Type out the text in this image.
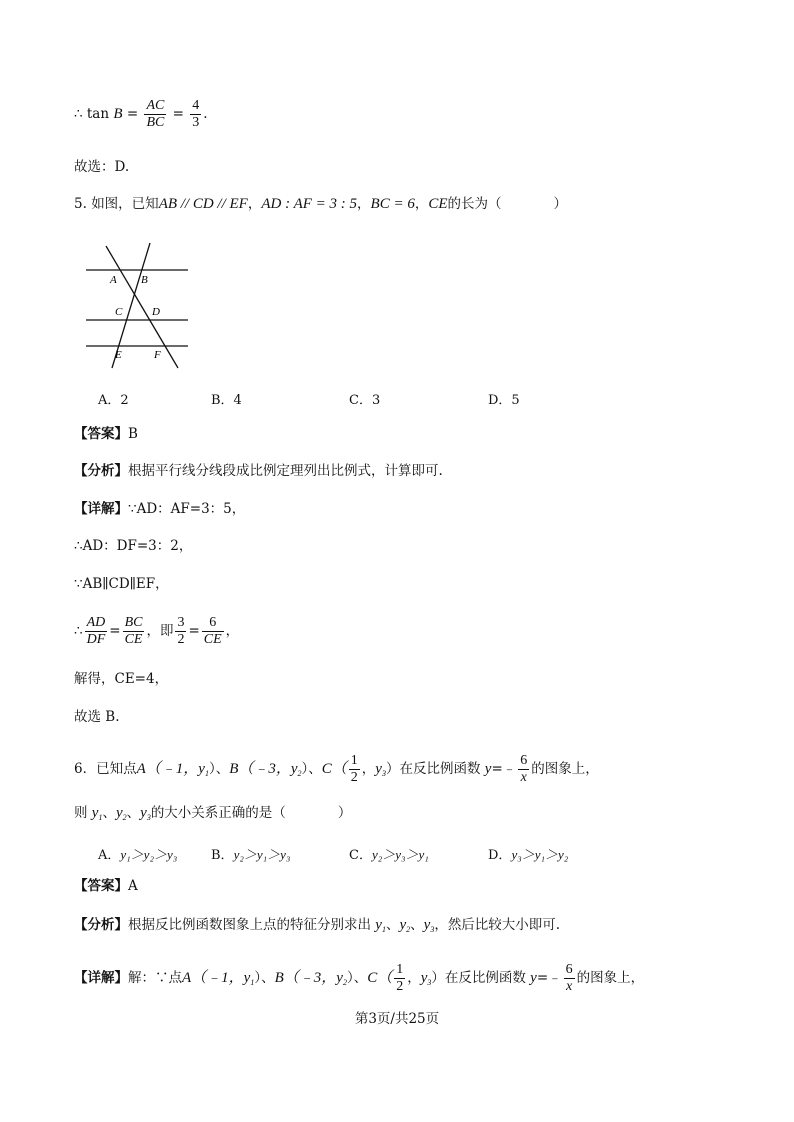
∴ $\tan B = \frac{AC}{BC} = \frac{4}{3}$ .
故选：D.
5. 如图，已知AB // CD // EF，AD : AF = 3 : 5，BC = 6，CE的长为（	）
A B
C	D
E	F
A．2	B．4	C．3	D．5
【答案】B
【分析】根据平行线分线段成比例定理列出比例式，计算即可.
【详解】∵AD：AF=3：5，
∴AD：DF=3：2，
∵AB∥CD∥EF，
∴ $\frac{AD}{DF} = \frac{BC}{CE}$ ，即 $\frac{3}{2} = \frac{6}{CE}$ ，
解得，CE=4，
故选 B.
6．已知点A（﹣1，$y_1$）、B（﹣3，$y_2$）、$C( \frac{1}{2}$ ，$y_3$）在反比例函数 y=﹣ $\frac{6}{x}$ 的图象上，
则 $y_1$、$y_2$、$y_3$的大小关系正确的是（	）
A．y₁＞y₂＞y₃	B．y₂＞y₁＞y₃	C．y₂＞y₃＞y₁	D．y₃＞y₁＞y₂
【答案】A
【分析】根据反比例函数图象上点的特征分别求出 $y_1$、$y_2$、$y_3$，然后比较大小即可.
【详解】解：∵点A（﹣1，$y_1$）、B（﹣3，$y_2$）、$C( \frac{1}{2}$ ，$y_3$）在反比例函数 y=﹣ $\frac{6}{x}$ 的图象上，
第3页/共25页
